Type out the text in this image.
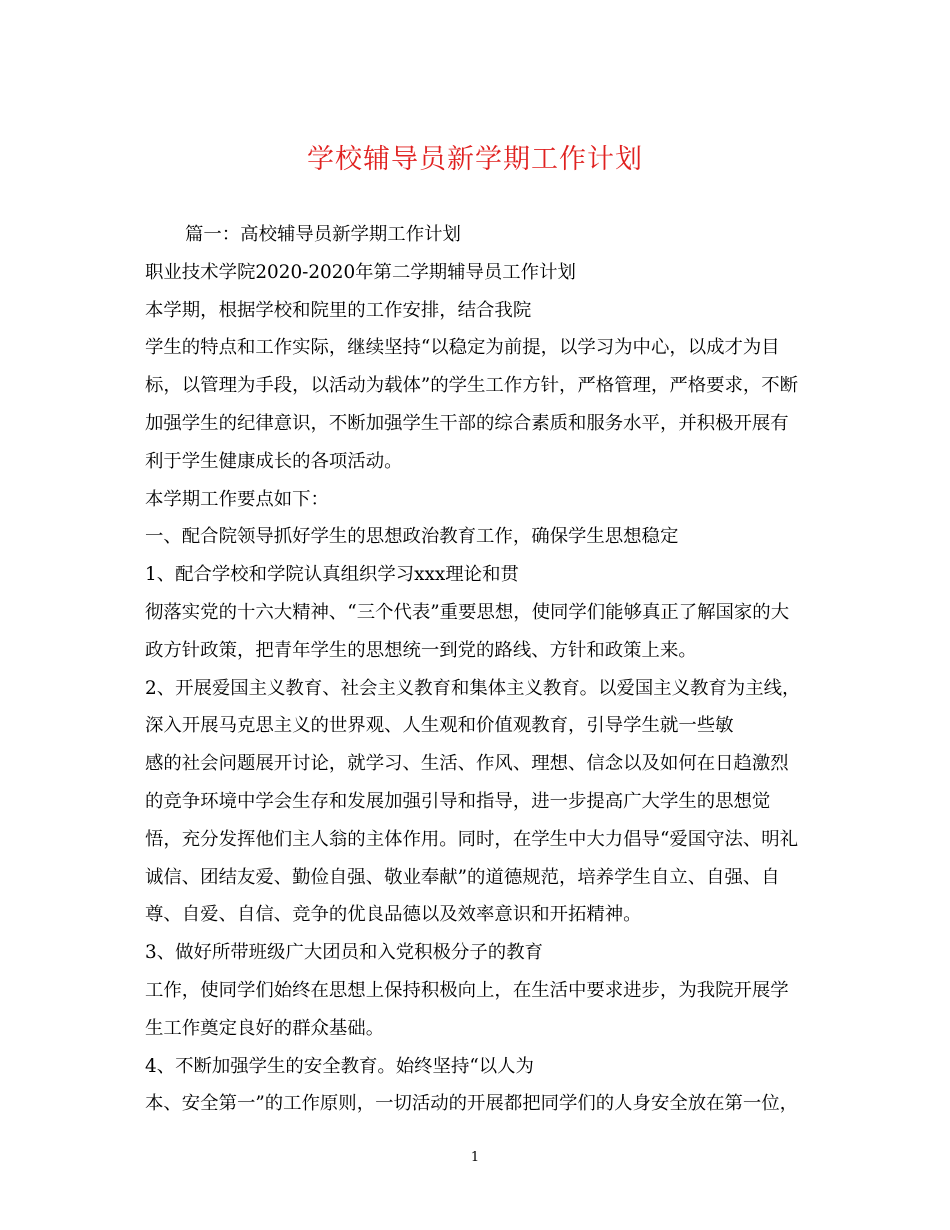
学校辅导员新学期工作计划
篇一：高校辅导员新学期工作计划
职业技术学院2020-2020年第二学期辅导员工作计划
本学期，根据学校和院里的工作安排，结合我院
学生的特点和工作实际，继续坚持“以稳定为前提，以学习为中心，以成才为目
标，以管理为手段，以活动为载体”的学生工作方针，严格管理，严格要求，不断
加强学生的纪律意识，不断加强学生干部的综合素质和服务水平，并积极开展有
利于学生健康成长的各项活动。
本学期工作要点如下：
一、配合院领导抓好学生的思想政治教育工作，确保学生思想稳定
1、配合学校和学院认真组织学习xxx理论和贯
彻落实党的十六大精神、“三个代表”重要思想，使同学们能够真正了解国家的大
政方针政策，把青年学生的思想统一到党的路线、方针和政策上来。
2、开展爱国主义教育、社会主义教育和集体主义教育。以爱国主义教育为主线，
深入开展马克思主义的世界观、人生观和价值观教育，引导学生就一些敏
感的社会问题展开讨论，就学习、生活、作风、理想、信念以及如何在日趋激烈
的竞争环境中学会生存和发展加强引导和指导，进一步提高广大学生的思想觉
悟，充分发挥他们主人翁的主体作用。同时，在学生中大力倡导“爱国守法、明礼
诚信、团结友爱、勤俭自强、敬业奉献”的道德规范，培养学生自立、自强、自
尊、自爱、自信、竞争的优良品德以及效率意识和开拓精神。
3、做好所带班级广大团员和入党积极分子的教育
工作，使同学们始终在思想上保持积极向上，在生活中要求进步，为我院开展学
生工作奠定良好的群众基础。
4、不断加强学生的安全教育。始终坚持“以人为
本、安全第一”的工作原则，一切活动的开展都把同学们的人身安全放在第一位，
1
